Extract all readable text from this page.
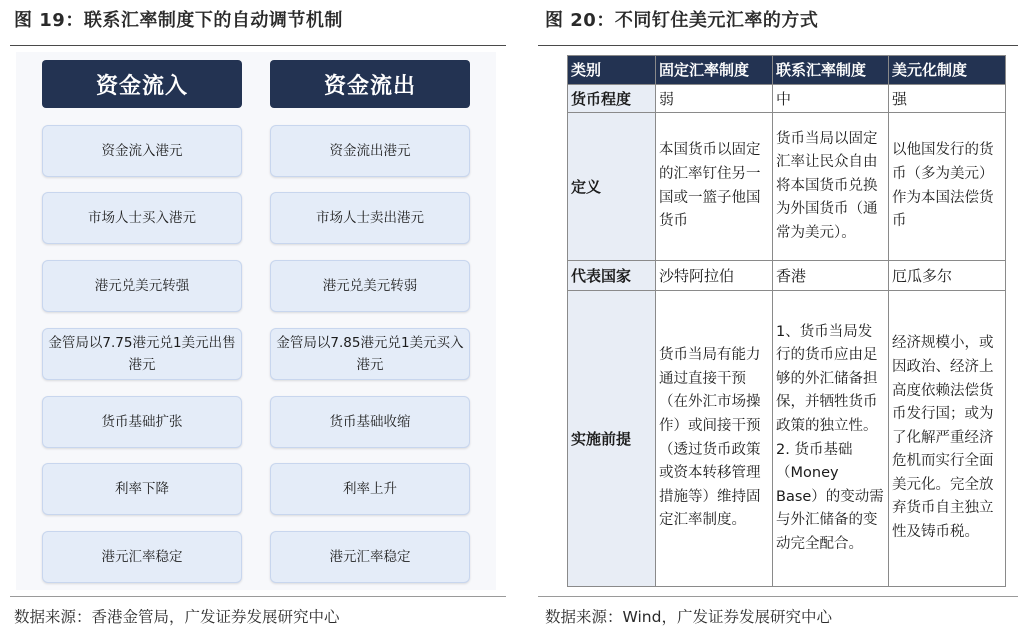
图 19：联系汇率制度下的自动调节机制
资金流入
资金流入港元
市场人士买入港元
港元兑美元转强
金管局以7.75港元兑1美元出售港元
货币基础扩张
利率下降
港元汇率稳定
资金流出
资金流出港元
市场人士卖出港元
港元兑美元转弱
金管局以7.85港元兑1美元买入港元
货币基础收缩
利率上升
港元汇率稳定
数据来源：香港金管局，广发证券发展研究中心
图 20：不同钉住美元汇率的方式
类别	固定汇率制度	联系汇率制度	美元化制度
货币程度	弱	中	强
定义	本国货币以固定的汇率钉住另一国或一篮子他国货币	货币当局以固定汇率让民众自由将本国货币兑换为外国货币（通常为美元）。	以他国发行的货币（多为美元）作为本国法偿货币
代表国家	沙特阿拉伯	香港	厄瓜多尔
实施前提	货币当局有能力通过直接干预（在外汇市场操作）或间接干预（透过货币政策或资本转移管理措施等）维持固定汇率制度。	1、货币当局发行的货币应由足够的外汇储备担保，并牺牲货币政策的独立性。 2. 货币基础（Money Base）的变动需与外汇储备的变动完全配合。	经济规模小，或因政治、经济上高度依赖法偿货币发行国；或为了化解严重经济危机而实行全面美元化。完全放弃货币自主独立性及铸币税。
数据来源：Wind，广发证券发展研究中心
